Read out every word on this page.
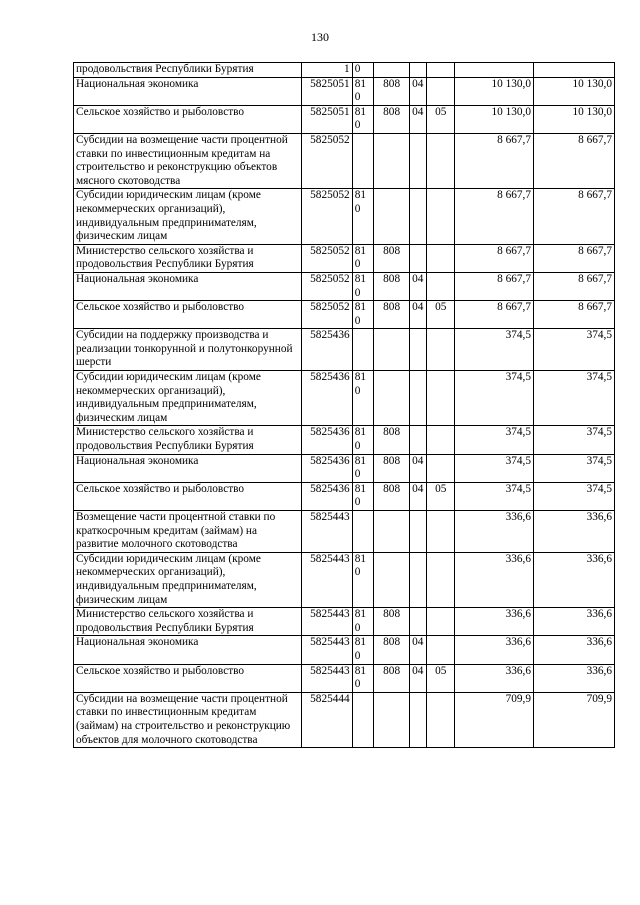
130
продовольствия Республики Бурятия	1	0					
Национальная экономика	5825051	810	808	04		10 130,0	10 130,0
Сельское хозяйство и рыболовство	5825051	810	808	04	05	10 130,0	10 130,0
Субсидии на возмещение части процентной ставки по инвестиционным кредитам на строительство и реконструкцию объектов мясного скотоводства	5825052					8 667,7	8 667,7
Субсидии юридическим лицам (кроме некоммерческих организаций), индивидуальным предпринимателям, физическим лицам	5825052	810				8 667,7	8 667,7
Министерство сельского хозяйства и продовольствия Республики Бурятия	5825052	810	808			8 667,7	8 667,7
Национальная экономика	5825052	810	808	04		8 667,7	8 667,7
Сельское хозяйство и рыболовство	5825052	810	808	04	05	8 667,7	8 667,7
Субсидии на поддержку производства и реализации тонкорунной и полутонкорунной шерсти	5825436					374,5	374,5
Субсидии юридическим лицам (кроме некоммерческих организаций), индивидуальным предпринимателям, физическим лицам	5825436	810				374,5	374,5
Министерство сельского хозяйства и продовольствия Республики Бурятия	5825436	810	808			374,5	374,5
Национальная экономика	5825436	810	808	04		374,5	374,5
Сельское хозяйство и рыболовство	5825436	810	808	04	05	374,5	374,5
Возмещение части процентной ставки по краткосрочным кредитам (займам) на развитие молочного скотоводства	5825443					336,6	336,6
Субсидии юридическим лицам (кроме некоммерческих организаций), индивидуальным предпринимателям, физическим лицам	5825443	810				336,6	336,6
Министерство сельского хозяйства и продовольствия Республики Бурятия	5825443	810	808			336,6	336,6
Национальная экономика	5825443	810	808	04		336,6	336,6
Сельское хозяйство и рыболовство	5825443	810	808	04	05	336,6	336,6
Субсидии на возмещение части процентной ставки по инвестиционным кредитам (займам) на строительство и реконструкцию объектов для молочного скотоводства	5825444					709,9	709,9
